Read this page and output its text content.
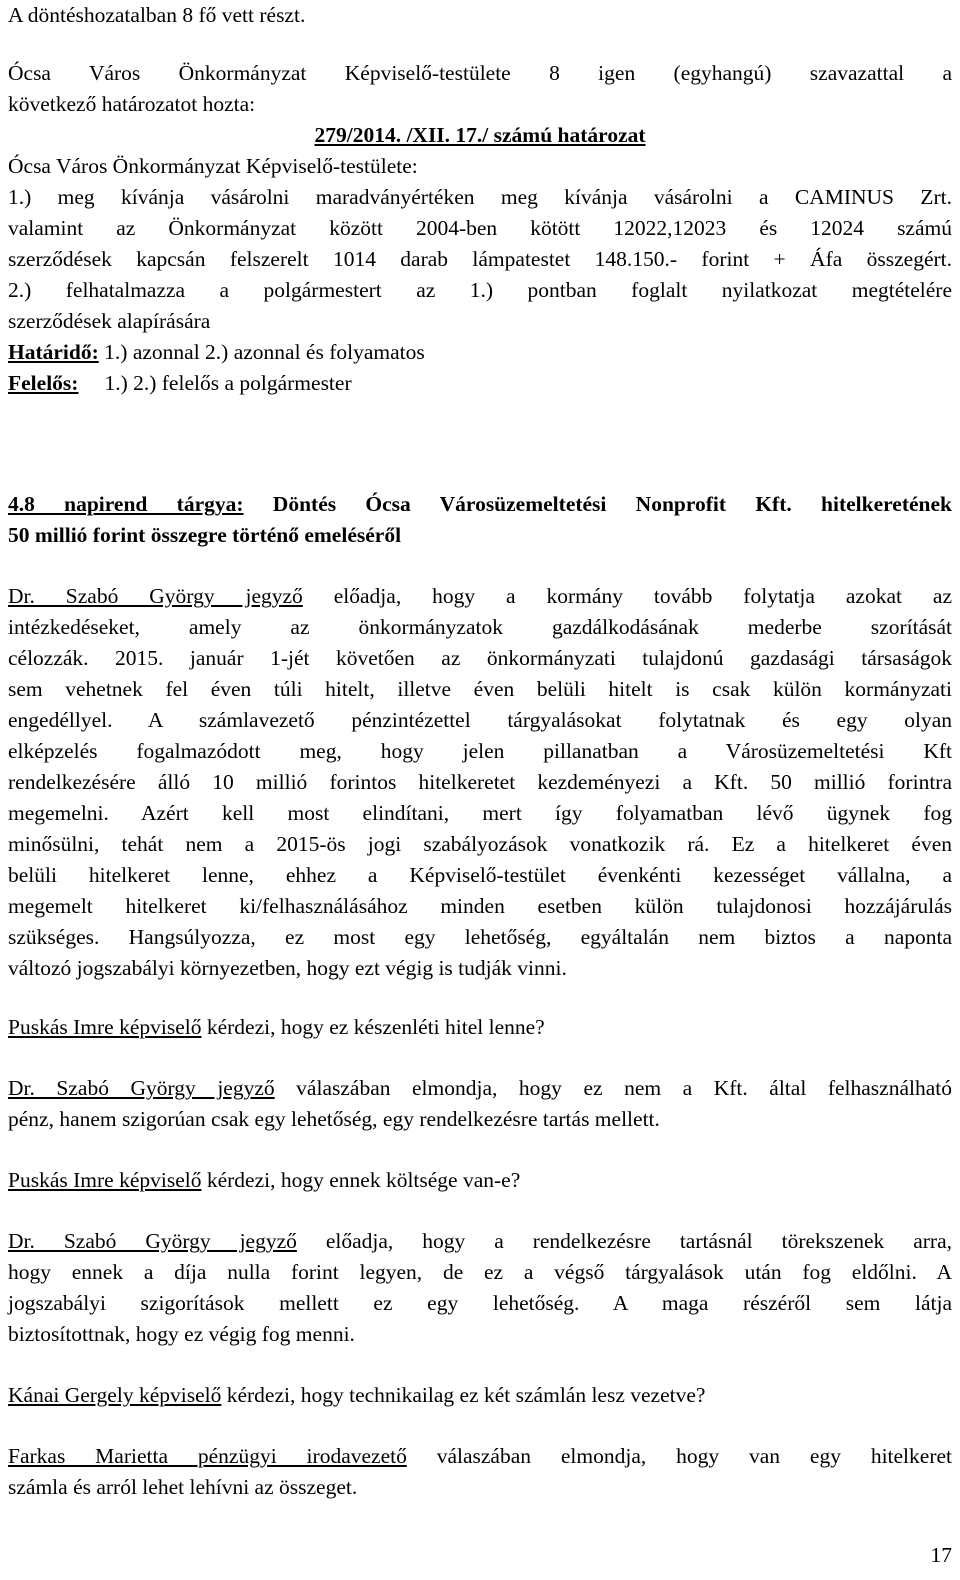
A döntéshozatalban 8 fő vett részt.
Ócsa Város Önkormányzat Képviselő-testülete 8 igen (egyhangú) szavazattal a
következő határozatot hozta:
279/2014. /XII. 17./ számú határozat
Ócsa Város Önkormányzat Képviselő-testülete:
1.) meg kívánja vásárolni maradványértéken meg kívánja vásárolni a CAMINUS Zrt.
valamint az Önkormányzat között 2004-ben kötött 12022,12023 és 12024 számú
szerződések kapcsán felszerelt 1014 darab lámpatestet 148.150.- forint + Áfa összegért.
2.) felhatalmazza a polgármestert az 1.) pontban foglalt nyilatkozat megtételére
szerződések alapírására
Határidő: 1.) azonnal 2.) azonnal és folyamatos
Felelős: 1.) 2.) felelős a polgármester
4.8 napirend tárgya: Döntés Ócsa Városüzemeltetési Nonprofit Kft. hitelkeretének
50 millió forint összegre történő emeléséről
Dr. Szabó György jegyző előadja, hogy a kormány tovább folytatja azokat az
intézkedéseket, amely az önkormányzatok gazdálkodásának mederbe szorítását
célozzák. 2015. január 1-jét követően az önkormányzati tulajdonú gazdasági társaságok
sem vehetnek fel éven túli hitelt, illetve éven belüli hitelt is csak külön kormányzati
engedéllyel. A számlavezető pénzintézettel tárgyalásokat folytatnak és egy olyan
elképzelés fogalmazódott meg, hogy jelen pillanatban a Városüzemeltetési Kft
rendelkezésére álló 10 millió forintos hitelkeretet kezdeményezi a Kft. 50 millió forintra
megemelni. Azért kell most elindítani, mert így folyamatban lévő ügynek fog
minősülni, tehát nem a 2015-ös jogi szabályozások vonatkozik rá. Ez a hitelkeret éven
belüli hitelkeret lenne, ehhez a Képviselő-testület évenkénti kezességet vállalna, a
megemelt hitelkeret ki/felhasználásához minden esetben külön tulajdonosi hozzájárulás
szükséges. Hangsúlyozza, ez most egy lehetőség, egyáltalán nem biztos a naponta
változó jogszabályi környezetben, hogy ezt végig is tudják vinni.
Puskás Imre képviselő kérdezi, hogy ez készenléti hitel lenne?
Dr. Szabó György jegyző válaszában elmondja, hogy ez nem a Kft. által felhasználható
pénz, hanem szigorúan csak egy lehetőség, egy rendelkezésre tartás mellett.
Puskás Imre képviselő kérdezi, hogy ennek költsége van-e?
Dr. Szabó György jegyző előadja, hogy a rendelkezésre tartásnál törekszenek arra,
hogy ennek a díja nulla forint legyen, de ez a végső tárgyalások után fog eldőlni. A
jogszabályi szigorítások mellett ez egy lehetőség. A maga részéről sem látja
biztosítottnak, hogy ez végig fog menni.
Kánai Gergely képviselő kérdezi, hogy technikailag ez két számlán lesz vezetve?
Farkas Marietta pénzügyi irodavezető válaszában elmondja, hogy van egy hitelkeret
számla és arról lehet lehívni az összeget.
17
